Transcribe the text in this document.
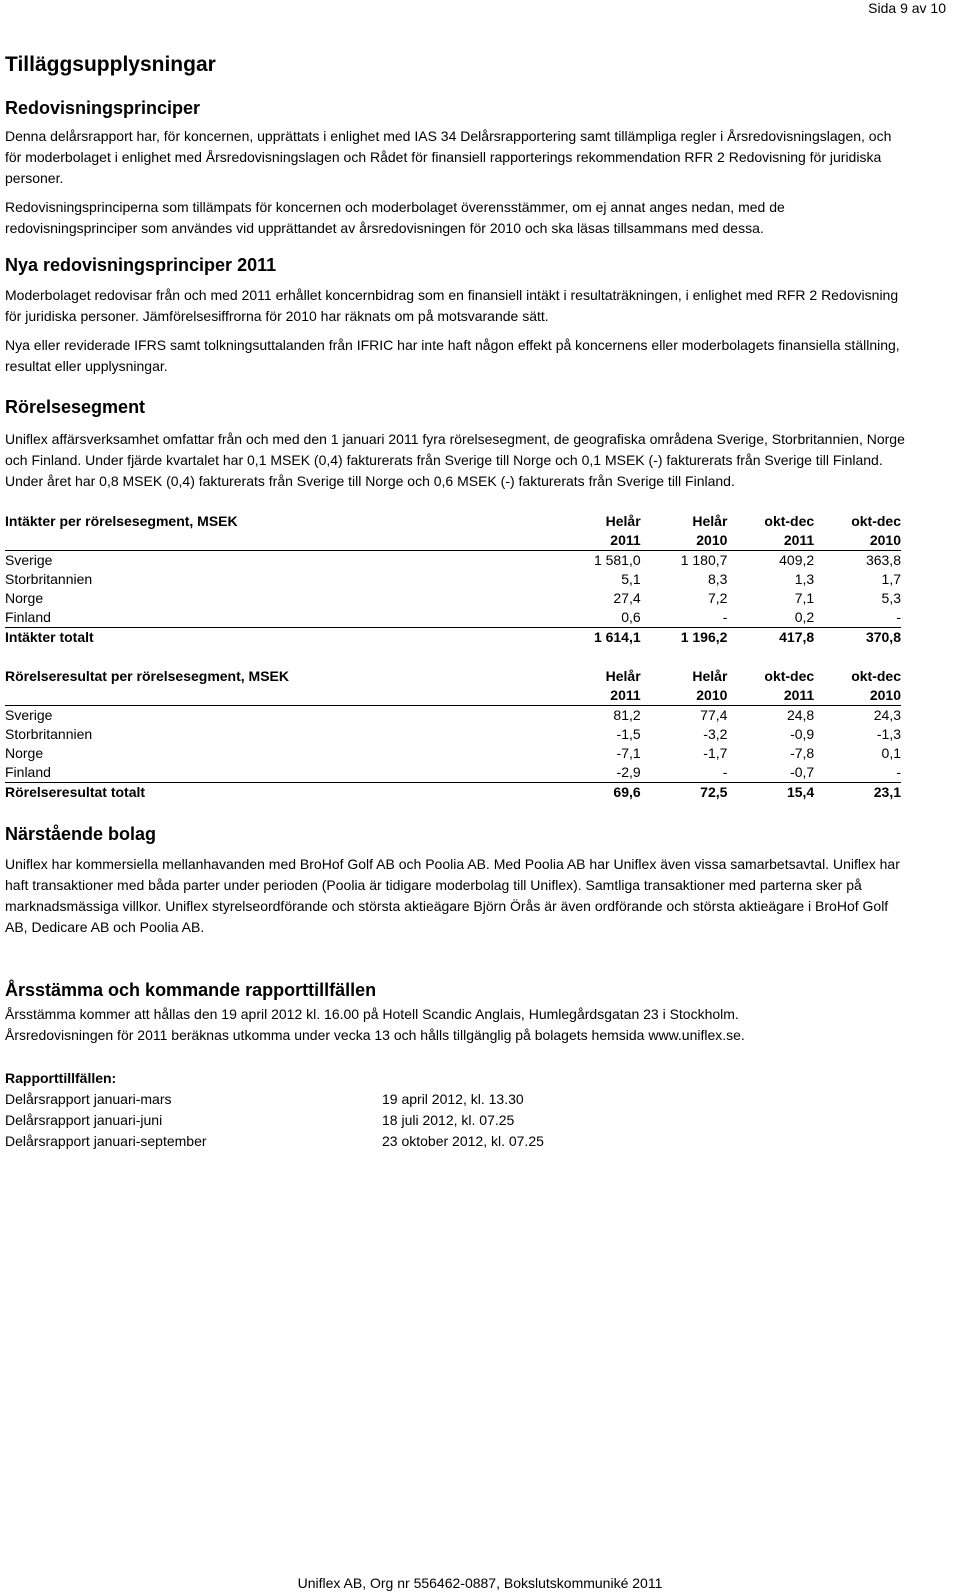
Sida 9 av 10
Tilläggsupplysningar
Redovisningsprinciper

Denna delårsrapport har, för koncernen, upprättats i enlighet med IAS 34 Delårsrapportering samt tillämpliga regler i Årsredovisningslagen, och för moderbolaget i enlighet med Årsredovisningslagen och Rådet för finansiell rapporterings rekommendation RFR 2 Redovisning för juridiska personer.

Redovisningsprinciperna som tillämpats för koncernen och moderbolaget överensstämmer, om ej annat anges nedan, med de redovisningsprinciper som användes vid upprättandet av årsredovisningen för 2010 och ska läsas tillsammans med dessa.

Nya redovisningsprinciper 2011

Moderbolaget redovisar från och med 2011 erhållet koncernbidrag som en finansiell intäkt i resultaträkningen, i enlighet med RFR 2 Redovisning för juridiska personer. Jämförelsesiffrorna för 2010 har räknats om på motsvarande sätt.

Nya eller reviderade IFRS samt tolkningsuttalanden från IFRIC har inte haft någon effekt på koncernens eller moderbolagets finansiella ställning, resultat eller upplysningar.

Rörelsesegment

Uniflex affärsverksamhet omfattar från och med den 1 januari 2011 fyra rörelsesegment, de geografiska områdena Sverige, Storbritannien, Norge och Finland. Under fjärde kvartalet har 0,1 MSEK (0,4) fakturerats från Sverige till Norge och 0,1 MSEK (-) fakturerats från Sverige till Finland. Under året har 0,8 MSEK (0,4) fakturerats från Sverige till Norge och 0,6 MSEK (-) fakturerats från Sverige till Finland.

Intäkter per rörelsesegment, MSEK	Helår	Helår	okt-dec	okt-dec
	2011	2010	2011	2010
Sverige	1 581,0	1 180,7	409,2	363,8
Storbritannien	5,1	8,3	1,3	1,7
Norge	27,4	7,2	7,1	5,3
Finland	0,6	-	0,2	-
Intäkter totalt	1 614,1	1 196,2	417,8	370,8
Rörelseresultat per rörelsesegment, MSEK	Helår	Helår	okt-dec	okt-dec
	2011	2010	2011	2010
Sverige	81,2	77,4	24,8	24,3
Storbritannien	-1,5	-3,2	-0,9	-1,3
Norge	-7,1	-1,7	-7,8	0,1
Finland	-2,9	-	-0,7	-
Rörelseresultat totalt	69,6	72,5	15,4	23,1
Närstående bolag

Uniflex har kommersiella mellanhavanden med BroHof Golf AB och Poolia AB. Med Poolia AB har Uniflex även vissa samarbetsavtal. Uniflex har haft transaktioner med båda parter under perioden (Poolia är tidigare moderbolag till Uniflex). Samtliga transaktioner med parterna sker på marknadsmässiga villkor. Uniflex styrelseordförande och största aktieägare Björn Örås är även ordförande och största aktieägare i BroHof Golf AB, Dedicare AB och Poolia AB.

Årsstämma och kommande rapporttillfällen

Årsstämma kommer att hållas den 19 april 2012 kl. 16.00 på Hotell Scandic Anglais, Humlegårdsgatan 23 i Stockholm.

Årsredovisningen för 2011 beräknas utkomma under vecka 13 och hålls tillgänglig på bolagets hemsida www.uniflex.se.

Rapporttillfällen:
Delårsrapport januari-mars	19 april 2012, kl. 13.30
Delårsrapport januari-juni	18 juli 2012, kl. 07.25
Delårsrapport januari-september	23 oktober 2012, kl. 07.25
Uniflex AB, Org nr 556462-0887, Bokslutskommuniké 2011
